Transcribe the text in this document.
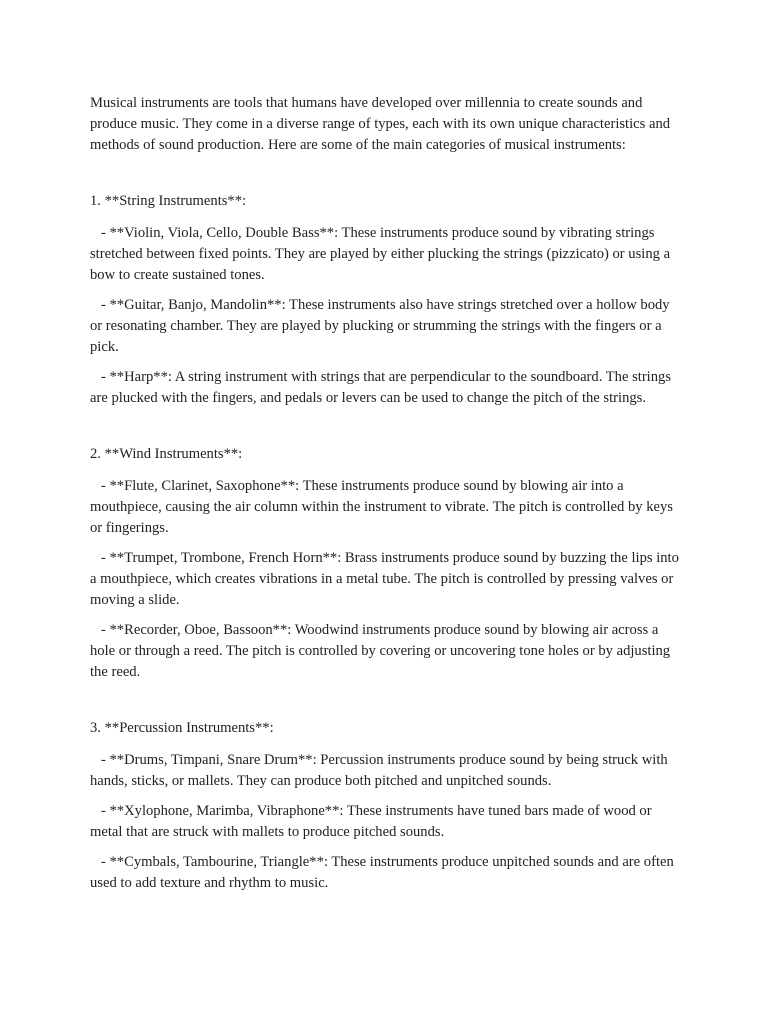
Musical instruments are tools that humans have developed over millennia to create sounds and produce music. They come in a diverse range of types, each with its own unique characteristics and methods of sound production. Here are some of the main categories of musical instruments:

1. **String Instruments**:

- **Violin, Viola, Cello, Double Bass**: These instruments produce sound by vibrating strings stretched between fixed points. They are played by either plucking the strings (pizzicato) or using a bow to create sustained tones.

- **Guitar, Banjo, Mandolin**: These instruments also have strings stretched over a hollow body or resonating chamber. They are played by plucking or strumming the strings with the fingers or a pick.

- **Harp**: A string instrument with strings that are perpendicular to the soundboard. The strings are plucked with the fingers, and pedals or levers can be used to change the pitch of the strings.

2. **Wind Instruments**:

- **Flute, Clarinet, Saxophone**: These instruments produce sound by blowing air into a mouthpiece, causing the air column within the instrument to vibrate. The pitch is controlled by keys or fingerings.

- **Trumpet, Trombone, French Horn**: Brass instruments produce sound by buzzing the lips into a mouthpiece, which creates vibrations in a metal tube. The pitch is controlled by pressing valves or moving a slide.

- **Recorder, Oboe, Bassoon**: Woodwind instruments produce sound by blowing air across a hole or through a reed. The pitch is controlled by covering or uncovering tone holes or by adjusting the reed.

3. **Percussion Instruments**:

- **Drums, Timpani, Snare Drum**: Percussion instruments produce sound by being struck with hands, sticks, or mallets. They can produce both pitched and unpitched sounds.

- **Xylophone, Marimba, Vibraphone**: These instruments have tuned bars made of wood or metal that are struck with mallets to produce pitched sounds.

- **Cymbals, Tambourine, Triangle**: These instruments produce unpitched sounds and are often used to add texture and rhythm to music.
